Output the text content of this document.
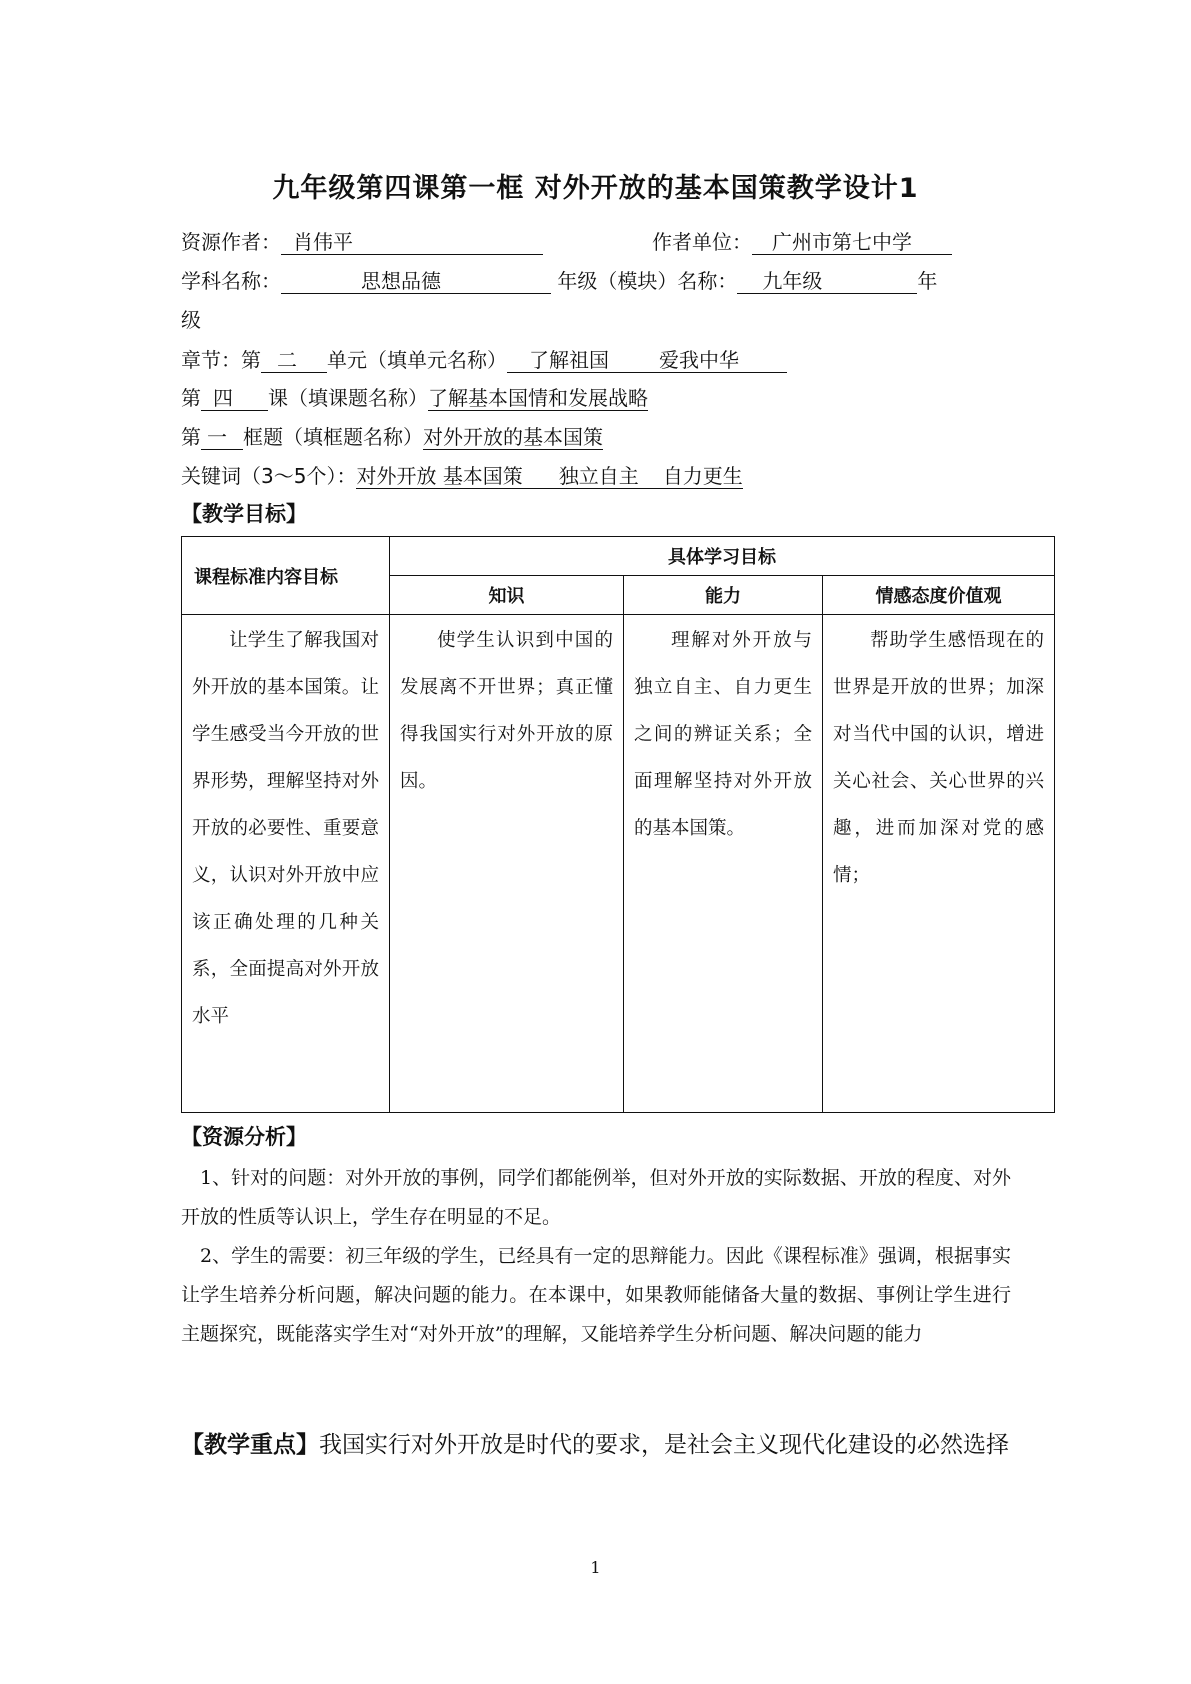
九年级第四课第一框 对外开放的基本国策教学设计1
资源作者： 肖伟平	作者单位： 广州市第七中学
学科名称：	思想品德	年级（模块）名称： 九年级	年
级
章节：第 二 单元（填单元名称） 了解祖国	爱我中华
第 四 课（填课题名称）了解基本国情和发展战略
第 一 框题（填框题名称）对外开放的基本国策
关键词（3～5个）：对外开放 基本国策 独立自主 自力更生
【教学目标】
课程标准内容目标	具体学习目标		
	知识	能力	情感态度价值观
让学生了解我国对外开放的基本国策。让学生感受当今开放的世界形势，理解坚持对外开放的必要性、重要意义，认识对外开放中应该正确处理的几种关系，全面提高对外开放水平	使学生认识到中国的发展离不开世界；真正懂得我国实行对外开放的原因。	理解对外开放与独立自主、自力更生之间的辨证关系；全面理解坚持对外开放的基本国策。	帮助学生感悟现在的世界是开放的世界；加深对当代中国的认识，增进关心社会、关心世界的兴趣，进而加深对党的感情；
【资源分析】
1、针对的问题：对外开放的事例，同学们都能例举，但对外开放的实际数据、开放的程度、对外开放的性质等认识上，学生存在明显的不足。
2、学生的需要：初三年级的学生，已经具有一定的思辩能力。因此《课程标准》强调，根据事实让学生培养分析问题，解决问题的能力。在本课中，如果教师能储备大量的数据、事例让学生进行主题探究，既能落实学生对“对外开放”的理解，又能培养学生分析问题、解决问题的能力
【教学重点】我国实行对外开放是时代的要求，是社会主义现代化建设的必然选择
1
